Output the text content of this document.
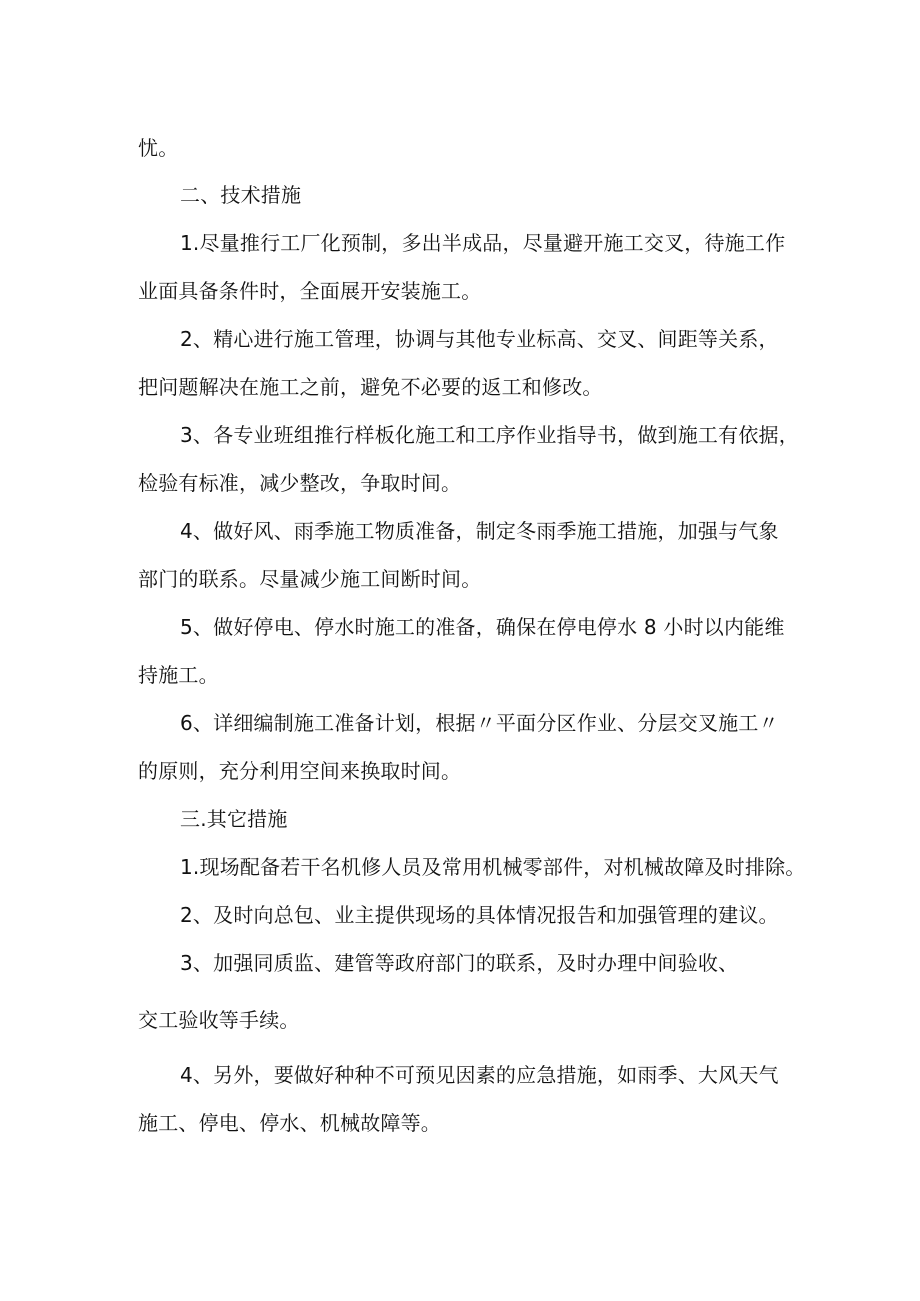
忧。
二、技术措施
1.尽量推行工厂化预制，多出半成品，尽量避开施工交叉，待施工作
业面具备条件时，全面展开安装施工。
2、精心进行施工管理，协调与其他专业标高、交叉、间距等关系，
把问题解决在施工之前，避免不必要的返工和修改。
3、各专业班组推行样板化施工和工序作业指导书，做到施工有依据，
检验有标准，减少整改，争取时间。
4、做好风、雨季施工物质准备，制定冬雨季施工措施，加强与气象
部门的联系。尽量减少施工间断时间。
5、做好停电、停水时施工的准备，确保在停电停水 8 小时以内能维
持施工。
6、详细编制施工准备计划，根据〃平面分区作业、分层交叉施工〃
的原则，充分利用空间来换取时间。
三.其它措施
1.现场配备若干名机修人员及常用机械零部件，对机械故障及时排除。
2、及时向总包、业主提供现场的具体情况报告和加强管理的建议。
3、加强同质监、建管等政府部门的联系，及时办理中间验收、
交工验收等手续。
4、另外，要做好种种不可预见因素的应急措施，如雨季、大风天气
施工、停电、停水、机械故障等。
